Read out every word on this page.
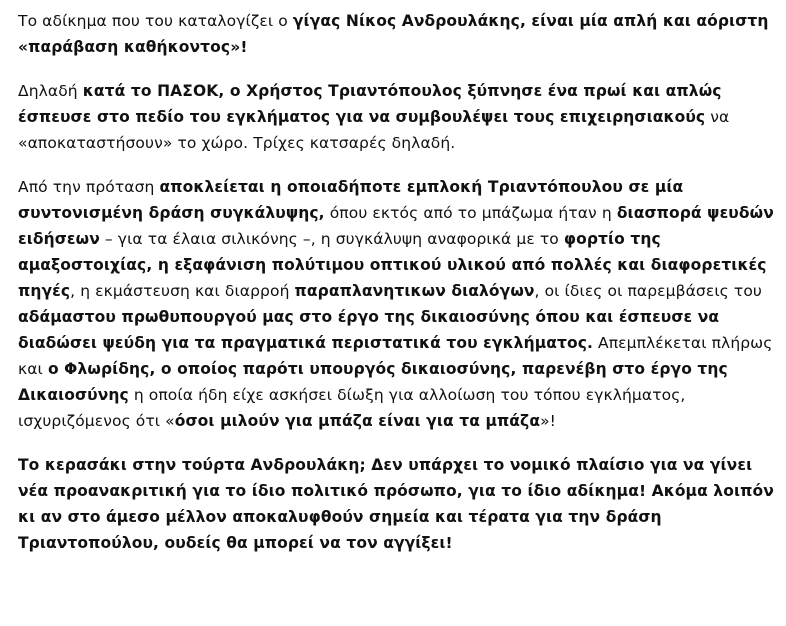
Το αδίκημα που του καταλογίζει ο γίγας Νίκος Ανδρουλάκης, είναι μία απλή και αόριστη «παράβαση καθήκοντος»!

Δηλαδή κατά το ΠΑΣΟΚ, ο Χρήστος Τριαντόπουλος ξύπνησε ένα πρωί και απλώς έσπευσε στο πεδίο του εγκλήματος για να συμβουλέψει τους επιχειρησιακούς να «αποκαταστήσουν» το χώρο. Τρίχες κατσαρές δηλαδή.

Από την πρόταση αποκλείεται η οποιαδήποτε εμπλοκή Τριαντόπουλου σε μία συντονισμένη δράση συγκάλυψης, όπου εκτός από το μπάζωμα ήταν η διασπορά ψευδών ειδήσεων – για τα έλαια σιλικόνης –, η συγκάλυψη αναφορικά με το φορτίο της αμαξοστοιχίας, η εξαφάνιση πολύτιμου οπτικού υλικού από πολλές και διαφορετικές πηγές, η εκμάστευση και διαρροή παραπλανητικων διαλόγων, οι ίδιες οι παρεμβάσεις του αδάμαστου πρωθυπουργού μας στο έργο της δικαιοσύνης όπου και έσπευσε να διαδώσει ψεύδη για τα πραγματικά περιστατικά του εγκλήματος. Απεμπλέκεται πλήρως και ο Φλωρίδης, ο οποίος παρότι υπουργός δικαιοσύνης, παρενέβη στο έργο της Δικαιοσύνης η οποία ήδη είχε ασκήσει δίωξη για αλλοίωση του τόπου εγκλήματος, ισχυριζόμενος ότι «όσοι μιλούν για μπάζα είναι για τα μπάζα»!

Το κερασάκι στην τούρτα Ανδρουλάκη; Δεν υπάρχει το νομικό πλαίσιο για να γίνει νέα προανακριτική για το ίδιο πολιτικό πρόσωπο, για το ίδιο αδίκημα! Ακόμα λοιπόν κι αν στο άμεσο μέλλον αποκαλυφθούν σημεία και τέρατα για την δράση Τριαντοπούλου, ουδείς θα μπορεί να τον αγγίξει!
